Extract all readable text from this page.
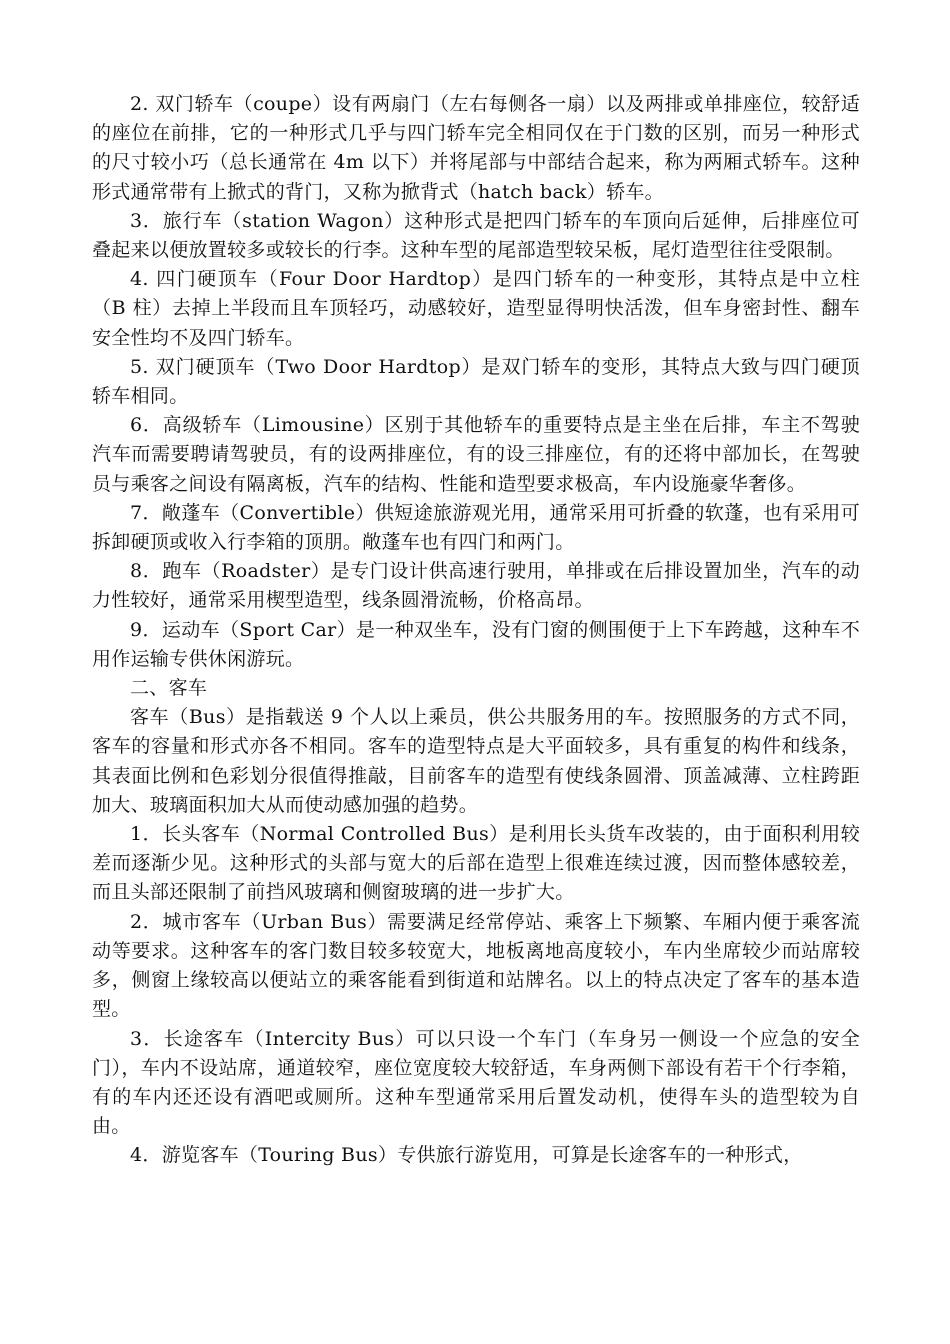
2. 双门轿车（coupe）设有两扇门（左右每侧各一扇）以及两排或单排座位，较舒适的座位在前排，它的一种形式几乎与四门轿车完全相同仅在于门数的区别，而另一种形式的尺寸较小巧（总长通常在 4m 以下）并将尾部与中部结合起来，称为两厢式轿车。这种形式通常带有上掀式的背门，又称为掀背式（hatch back）轿车。

3．旅行车（station Wagon）这种形式是把四门轿车的车顶向后延伸，后排座位可叠起来以便放置较多或较长的行李。这种车型的尾部造型较呆板，尾灯造型往往受限制。

4. 四门硬顶车（Four Door Hardtop）是四门轿车的一种变形，其特点是中立柱（B 柱）去掉上半段而且车顶轻巧，动感较好，造型显得明快活泼，但车身密封性、翻车安全性均不及四门轿车。

5. 双门硬顶车（Two Door Hardtop）是双门轿车的变形，其特点大致与四门硬顶轿车相同。

6．高级轿车（Limousine）区别于其他轿车的重要特点是主坐在后排，车主不驾驶汽车而需要聘请驾驶员，有的设两排座位，有的设三排座位，有的还将中部加长，在驾驶员与乘客之间设有隔离板，汽车的结构、性能和造型要求极高，车内设施豪华奢侈。

7．敞蓬车（Convertible）供短途旅游观光用，通常采用可折叠的软蓬，也有采用可拆卸硬顶或收入行李箱的顶朋。敞蓬车也有四门和两门。

8．跑车（Roadster）是专门设计供高速行驶用，单排或在后排设置加坐，汽车的动力性较好，通常采用楔型造型，线条圆滑流畅，价格高昂。

9．运动车（Sport Car）是一种双坐车，没有门窗的侧围便于上下车跨越，这种车不用作运输专供休闲游玩。

二、客车

客车（Bus）是指载送 9 个人以上乘员，供公共服务用的车。按照服务的方式不同，客车的容量和形式亦各不相同。客车的造型特点是大平面较多，具有重复的构件和线条，其表面比例和色彩划分很值得推敲，目前客车的造型有使线条圆滑、顶盖减薄、立柱跨距加大、玻璃面积加大从而使动感加强的趋势。

1．长头客车（Normal Controlled Bus）是利用长头货车改装的，由于面积利用较差而逐渐少见。这种形式的头部与宽大的后部在造型上很难连续过渡，因而整体感较差，而且头部还限制了前挡风玻璃和侧窗玻璃的进一步扩大。

2．城市客车（Urban Bus）需要满足经常停站、乘客上下频繁、车厢内便于乘客流动等要求。这种客车的客门数目较多较宽大，地板离地高度较小，车内坐席较少而站席较多，侧窗上缘较高以便站立的乘客能看到街道和站牌名。以上的特点决定了客车的基本造型。

3．长途客车（Intercity Bus）可以只设一个车门（车身另一侧设一个应急的安全门），车内不设站席，通道较窄，座位宽度较大较舒适，车身两侧下部设有若干个行李箱，有的车内还还设有酒吧或厕所。这种车型通常采用后置发动机，使得车头的造型较为自由。

4．游览客车（Touring Bus）专供旅行游览用，可算是长途客车的一种形式，
